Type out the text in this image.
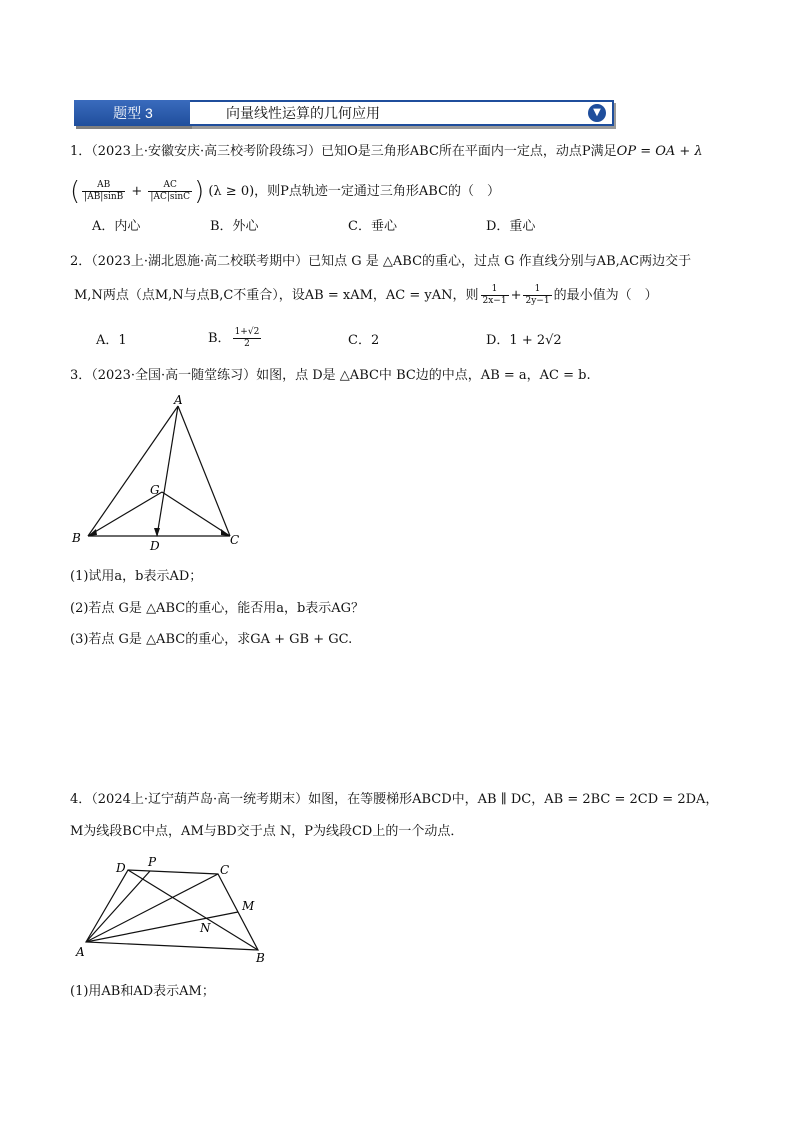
题型 3	向量线性运算的几何应用	▼
1．（2023上·安徽安庆·高三校考阶段练习）已知O是三角形ABC所在平面内一定点，动点P满足OP = OA + λ
( $\frac{AB}{|AB|\sin B} + \frac{AC}{|AC|\sin C}$ ) (λ ≥ 0)，则P点轨迹一定通过三角形ABC的（　）
A．内心	B．外心	C．垂心	D．重心
2．（2023上·湖北恩施·高二校联考期中）已知点 G 是 △ABC的重心，过点 G 作直线分别与AB,AC两边交于
M,N两点（点M,N与点B,C不重合），设AB = xAM，AC = yAN，则 $\frac{1}{2x-1} + \frac{1}{2y-1}$ 的最小值为（　）
A．1	B． $\frac{1+√2}{2}$	C．2	D．1 + 2√2
3．（2023·全国·高一随堂练习）如图，点 D是 △ABC中 BC边的中点，AB = a，AC = b.
A
B	C
D
G
(1)试用a，b表示AD；
(2)若点 G是 △ABC的重心，能否用a，b表示AG？
(3)若点 G是 △ABC的重心，求GA + GB + GC.
4．（2024上·辽宁葫芦岛·高一统考期末）如图，在等腰梯形ABCD中，AB ∥ DC，AB = 2BC = 2CD = 2DA，
M为线段BC中点，AM与BD交于点 N，P为线段CD上的一个动点．
D P
C
M
N
A	B
(1)用AB和AD表示AM；
